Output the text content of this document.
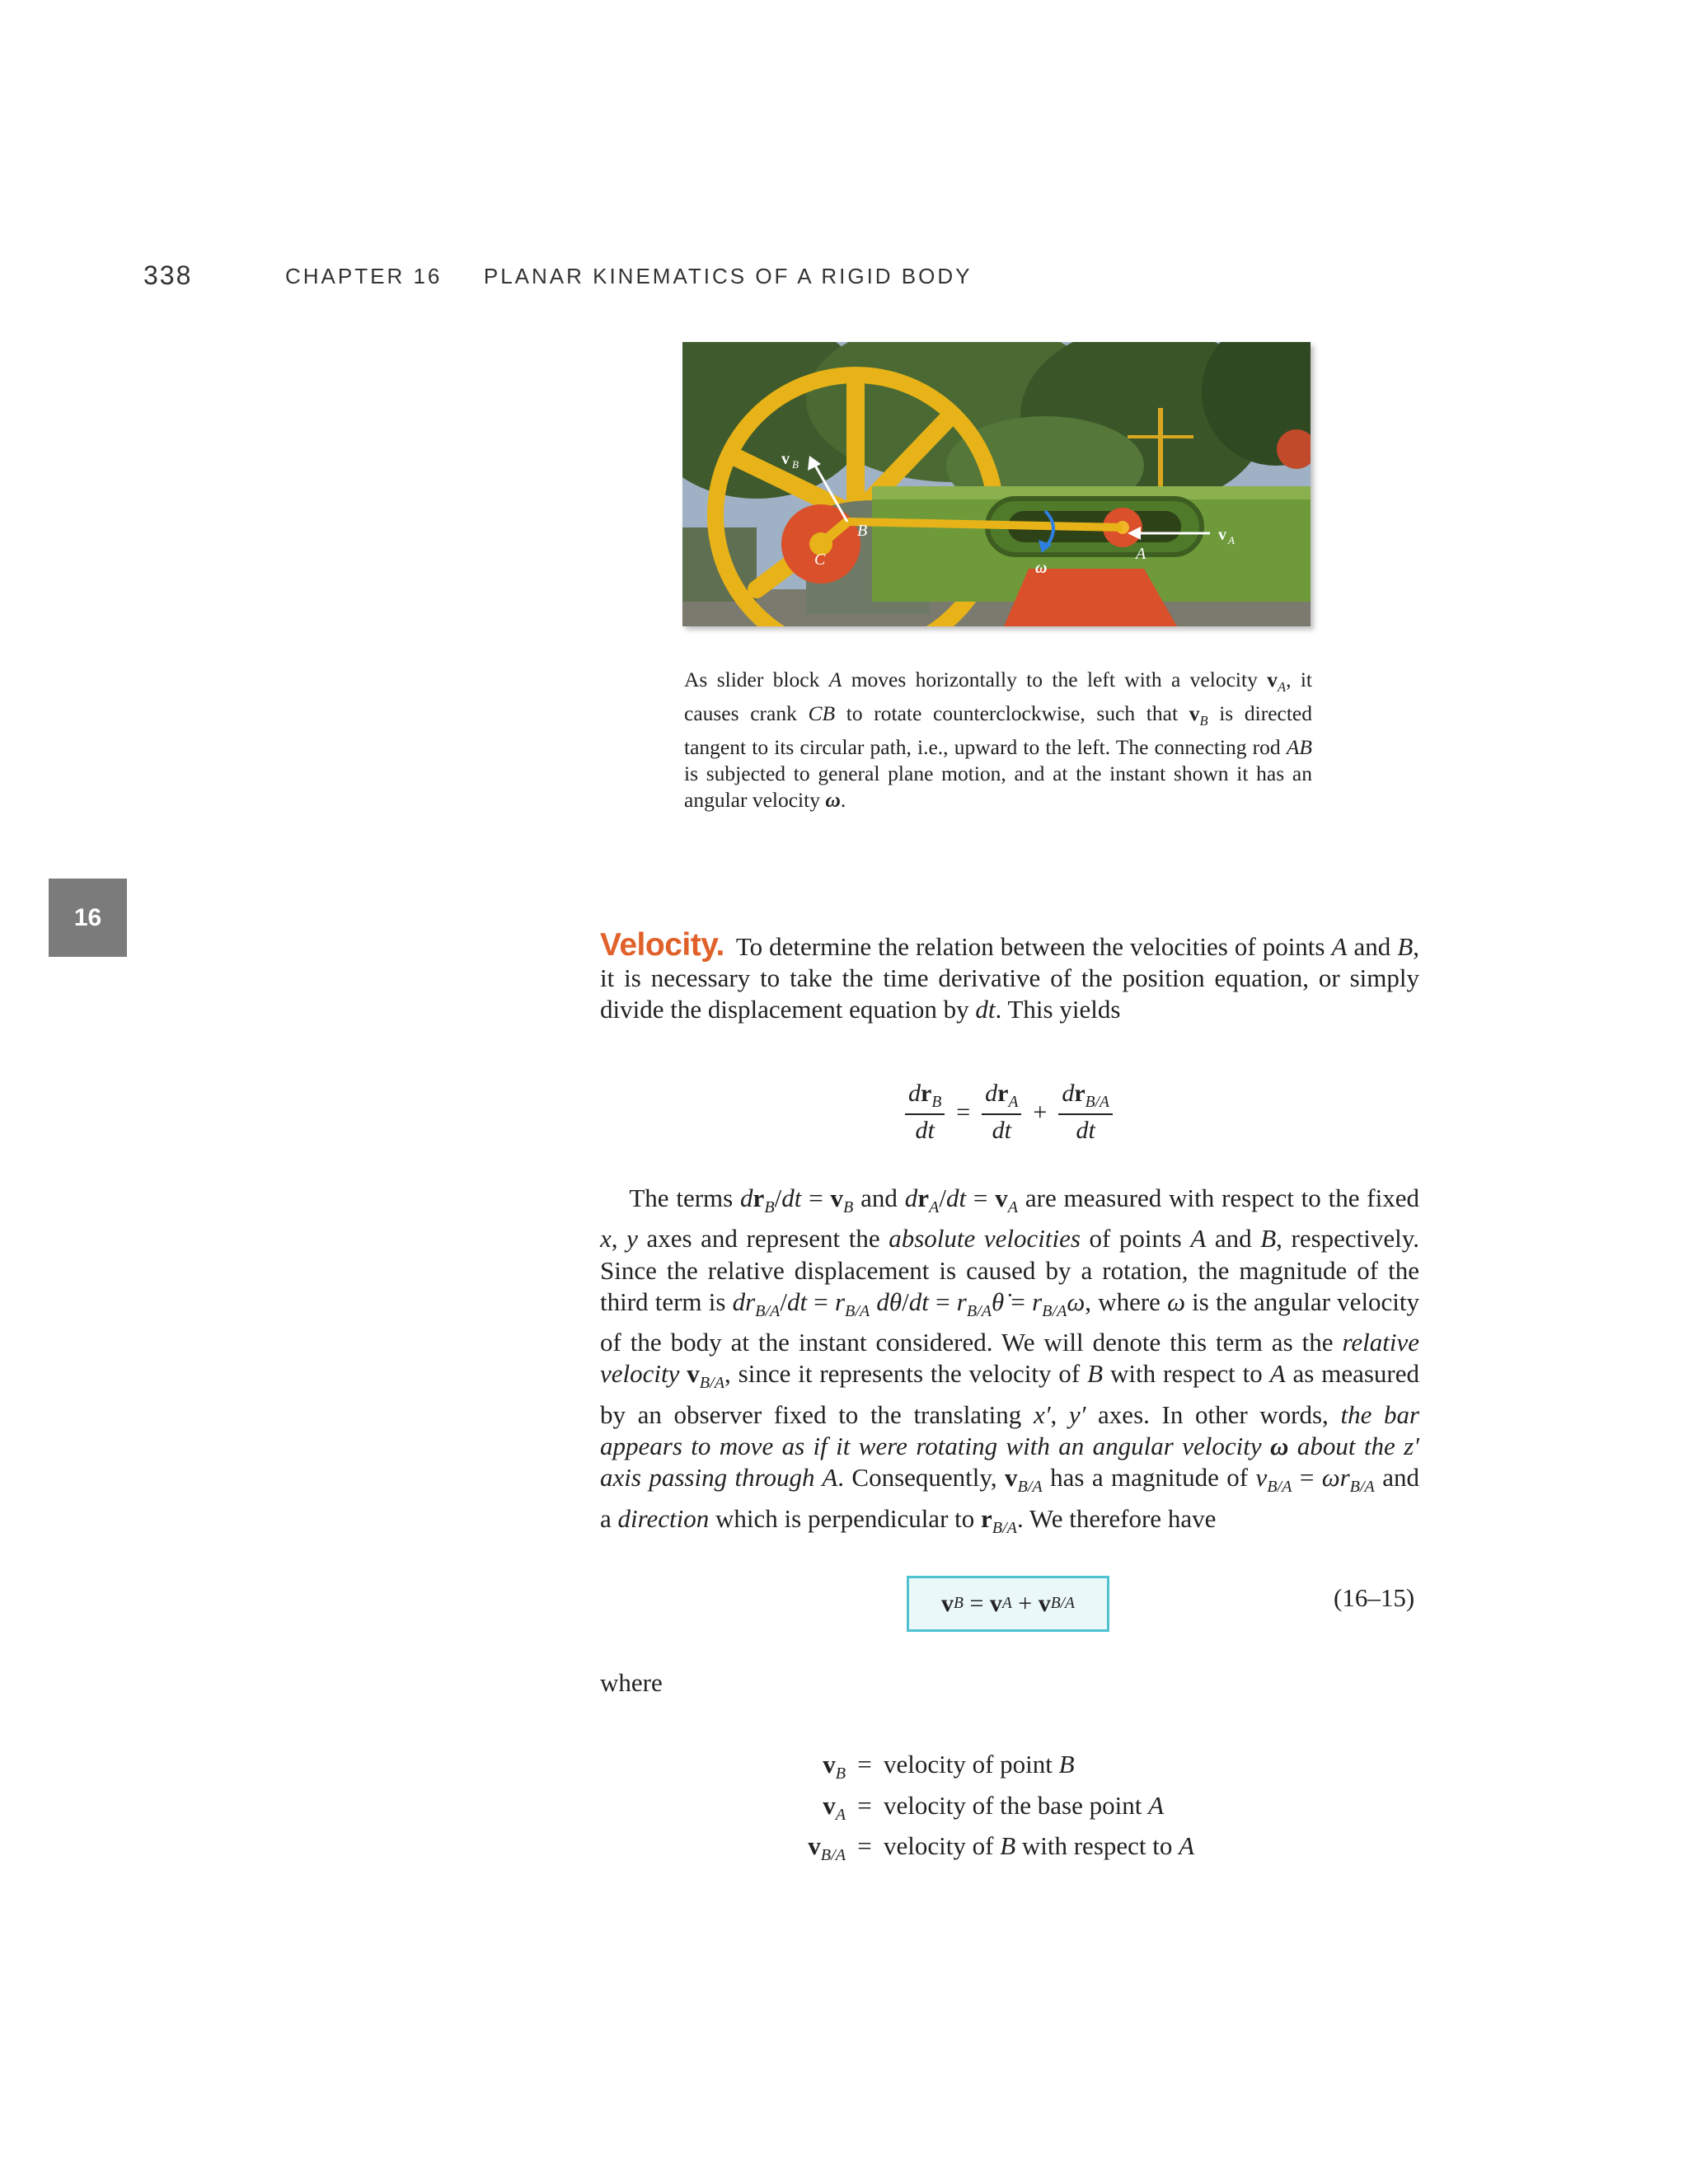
338	CHAPTER 16 PLANAR KINEMATICS OF A RIGID BODY
v B
B
C	A
ω
v A
As slider block A moves horizontally to the left with a velocity $v_A$, it causes crank CB to rotate counterclockwise, such that $v_B$ is directed tangent to its circular path, i.e., upward to the left. The connecting rod AB is subjected to general plane motion, and at the instant shown it has an angular velocity ω.
16
Velocity. To determine the relation between the velocities of points A and B, it is necessary to take the time derivative of the position equation, or simply divide the displacement equation by dt. This yields
$\frac{dr_B}{dt} = \frac{dr_A}{dt} + \frac{dr_{B/A}}{dt}$
The terms $dr_B/dt = v_B$ and $dr_A/dt = v_A$ are measured with respect to the fixed x, y axes and represent the absolute velocities of points A and B, respectively. Since the relative displacement is caused by a rotation, the magnitude of the third term is $dr_{B/A}/dt = r_{B/A}$ $d\theta/dt = r_{B/A}\thetȧ = r_{B/A}\omega$, where ω is the angular velocity of the body at the instant considered. We will denote this term as the relative velocity $v_{B/A}$, since it represents the velocity of B with respect to A as measured by an observer fixed to the translating x′, y′ axes. In other words, the bar appears to move as if it were rotating with an angular velocity ω about the z′ axis passing through A. Consequently, $v_{B/A}$ has a magnitude of $v_{B/A} = \omega r_{B/A}$ and a direction which is perpendicular to $r_{B/A}$. We therefore have
v B = v A + v B/A	(16–15)
where
$v_B$ = velocity of point B
$v_A$ = velocity of the base point A
$v_{B/A}$ = velocity of B with respect to A
